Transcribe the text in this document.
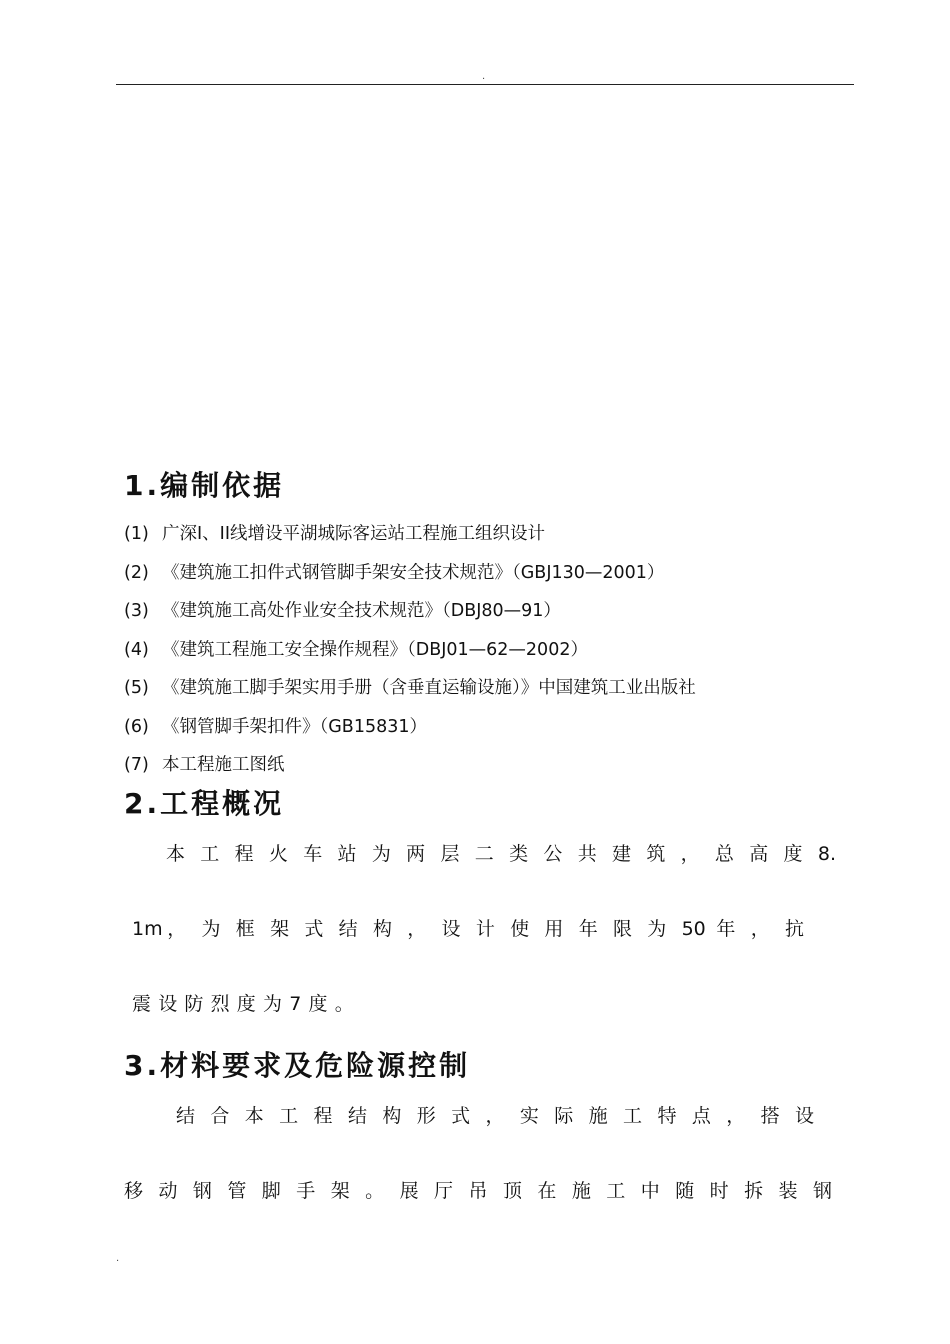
.
1.编制依据
(1) 广深I、II线增设平湖城际客运站工程施工组织设计
(2) 《建筑施工扣件式钢管脚手架安全技术规范》（GBJ130—2001）
(3) 《建筑施工高处作业安全技术规范》（DBJ80—91）
(4) 《建筑工程施工安全操作规程》（DBJ01—62—2002）
(5) 《建筑施工脚手架实用手册（含垂直运输设施）》中国建筑工业出版社
(6) 《钢管脚手架扣件》（GB15831）
(7) 本工程施工图纸
2.工程概况

本 工 程 火 车 站 为 两 层 二 类 公 共 建 筑 ， 总 高 度 8.

1m， 为 框 架 式 结 构 ， 设 计 使 用 年 限 为 50 年 ， 抗

震设防烈度为7度。

3.材料要求及危险源控制

结 合 本 工 程 结 构 形 式 ， 实 际 施 工 特 点 ， 搭 设

移 动 钢 管 脚 手 架 。 展 厅 吊 顶 在 施 工 中 随 时 拆 装 钢

.
